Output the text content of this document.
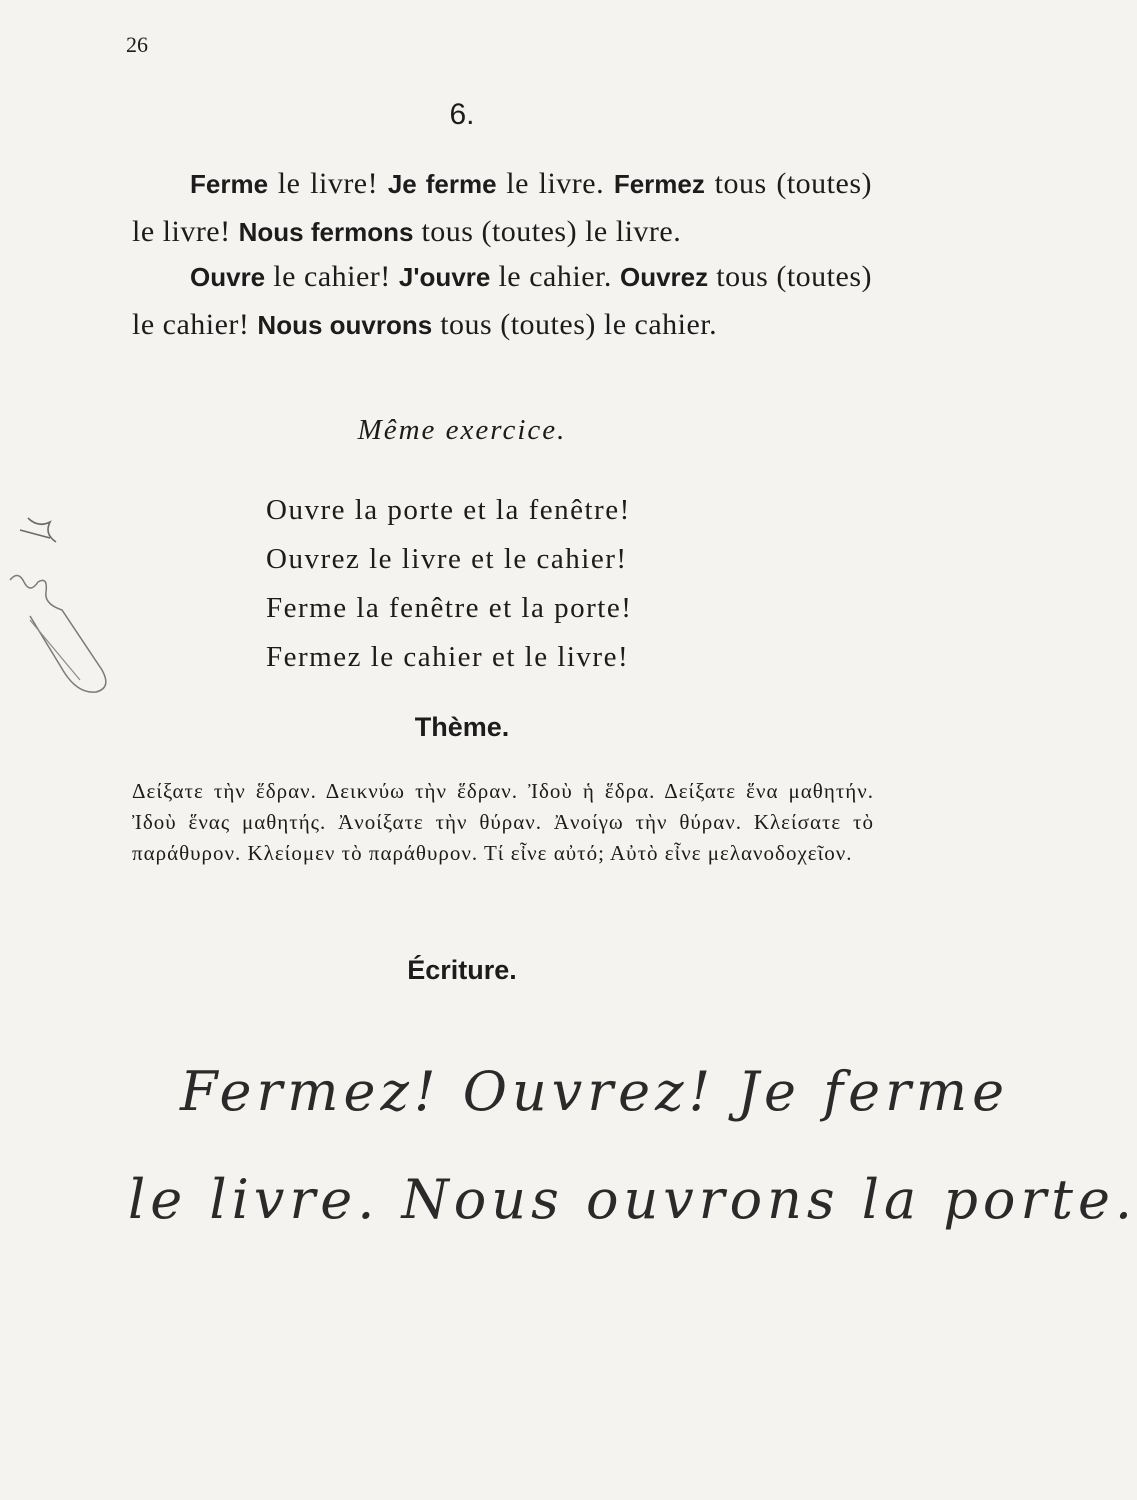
26
6.

Ferme le livre! Je ferme le livre. Fermez tous (toutes) le livre! Nous fermons tous (toutes) le livre.

Ouvre le cahier! J'ouvre le cahier. Ouvrez tous (toutes) le cahier! Nous ouvrons tous (toutes) le cahier.

Même exercice.
Ouvre la porte et la fenêtre!
Ouvrez le livre et le cahier!
Ferme la fenêtre et la porte!
Fermez le cahier et le livre!
Thème.
Δείξατε τὴν ἕδραν. Δεικνύω τὴν ἕδραν. Ἰδοὺ ἡ ἕδρα. Δείξατε ἕνα μαθητήν. Ἰδοὺ ἕνας μαθητής. Ἀνοίξατε τὴν θύραν. Ἀνοίγω τὴν θύραν. Κλείσατε τὸ παράθυρον. Κλείομεν τὸ παράθυρον. Τί εἶνε αὐτό; Αὐτὸ εἶνε μελανοδοχεῖον.
Écriture.
Fermez! Ouvrez! Je ferme
le livre. Nous ouvrons la porte.
